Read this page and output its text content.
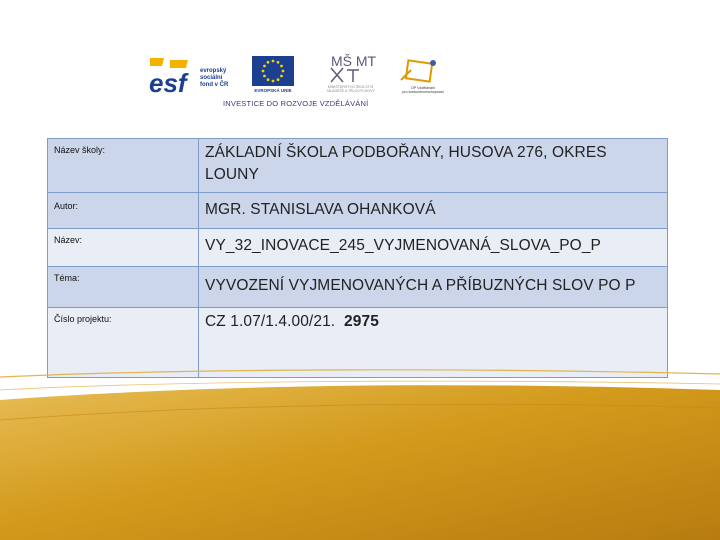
esf	evropský
sociální
fond v ČR
EVROPSKÁ UNIE
MŠ MT
MINISTERSTVO ŠKOLSTVÍ,
MLÁDEŽE A TĚLOVÝCHOVY
OP Vzdělávání
pro konkurenceschopnost
INVESTICE DO ROZVOJE VZDĚLÁVÁNÍ
Název školy:	ZÁKLADNÍ ŠKOLA PODBOŘANY, HUSOVA 276, OKRES LOUNY

Autor:	MGR. STANISLAVA OHANKOVÁ

Název:	VY_32_INOVACE_245_VYJMENOVANÁ_SLOVA_PO_P

Téma:	VYVOZENÍ VYJMENOVANÝCH A PŘÍBUZNÝCH SLOV PO P

Číslo projektu:	CZ 1.07/1.4.00/21. 2975
